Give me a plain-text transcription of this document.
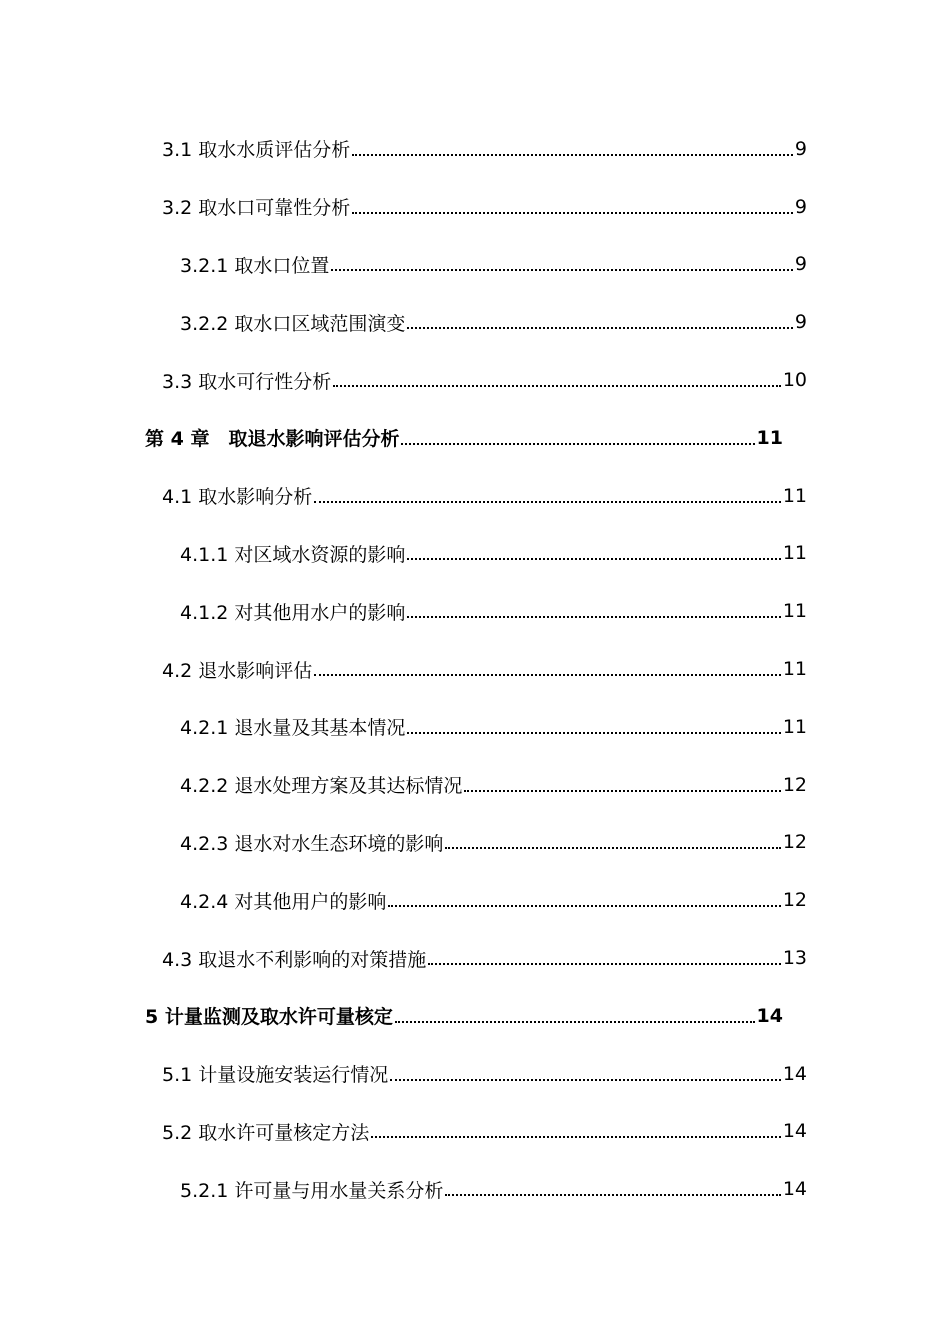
3.1 取水水质评估分析	9
3.2 取水口可靠性分析	9
3.2.1 取水口位置	9
3.2.2 取水口区域范围演变	9
3.3 取水可行性分析	10
第 4 章　取退水影响评估分析	11
4.1 取水影响分析	11
4.1.1 对区域水资源的影响	11
4.1.2 对其他用水户的影响	11
4.2 退水影响评估	11
4.2.1 退水量及其基本情况	11
4.2.2 退水处理方案及其达标情况	12
4.2.3 退水对水生态环境的影响	12
4.2.4 对其他用户的影响	12
4.3 取退水不利影响的对策措施	13
5 计量监测及取水许可量核定	14
5.1 计量设施安装运行情况	14
5.2 取水许可量核定方法	14
5.2.1 许可量与用水量关系分析	14
